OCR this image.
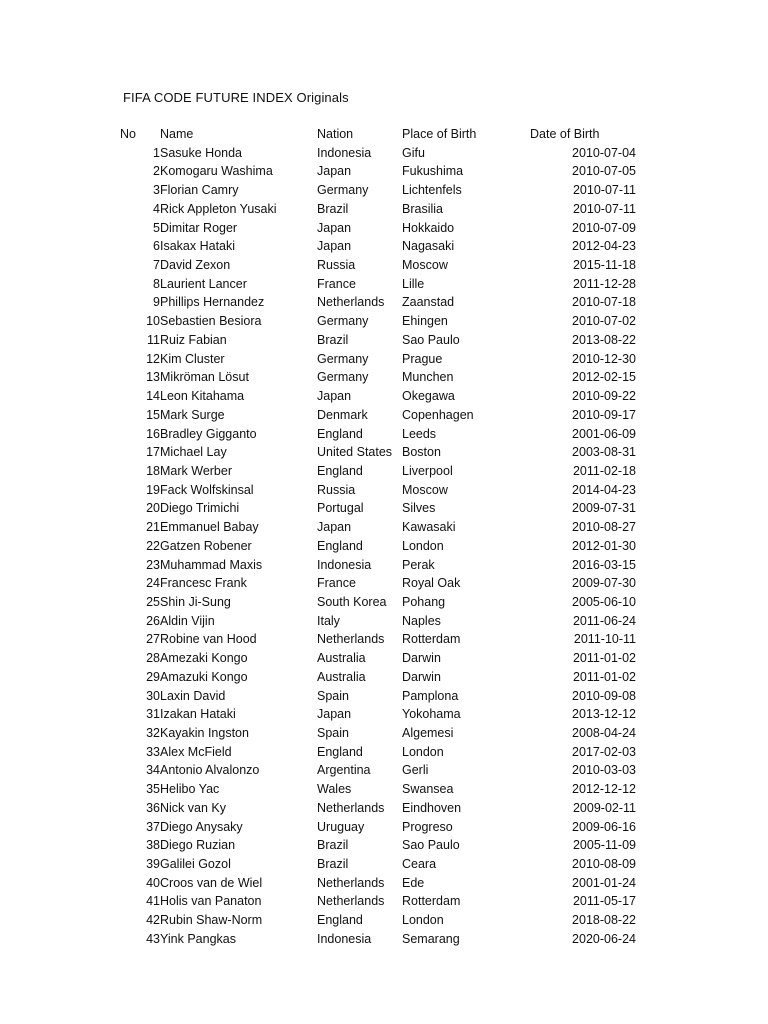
FIFA CODE FUTURE INDEX Originals
No	Name	Nation	Place of Birth	Date of Birth
1	Sasuke Honda	Indonesia	Gifu	2010-07-04
2	Komogaru Washima	Japan	Fukushima	2010-07-05
3	Florian Camry	Germany	Lichtenfels	2010-07-11
4	Rick Appleton Yusaki	Brazil	Brasilia	2010-07-11
5	Dimitar Roger	Japan	Hokkaido	2010-07-09
6	Isakax Hataki	Japan	Nagasaki	2012-04-23
7	David Zexon	Russia	Moscow	2015-11-18
8	Laurient Lancer	France	Lille	2011-12-28
9	Phillips Hernandez	Netherlands	Zaanstad	2010-07-18
10	Sebastien Besiora	Germany	Ehingen	2010-07-02
11	Ruiz Fabian	Brazil	Sao Paulo	2013-08-22
12	Kim Cluster	Germany	Prague	2010-12-30
13	Mikröman Lösut	Germany	Munchen	2012-02-15
14	Leon Kitahama	Japan	Okegawa	2010-09-22
15	Mark Surge	Denmark	Copenhagen	2010-09-17
16	Bradley Gigganto	England	Leeds	2001-06-09
17	Michael Lay	United States	Boston	2003-08-31
18	Mark Werber	England	Liverpool	2011-02-18
19	Fack Wolfskinsal	Russia	Moscow	2014-04-23
20	Diego Trimichi	Portugal	Silves	2009-07-31
21	Emmanuel Babay	Japan	Kawasaki	2010-08-27
22	Gatzen Robener	England	London	2012-01-30
23	Muhammad Maxis	Indonesia	Perak	2016-03-15
24	Francesc Frank	France	Royal Oak	2009-07-30
25	Shin Ji-Sung	South Korea	Pohang	2005-06-10
26	Aldin Vijin	Italy	Naples	2011-06-24
27	Robine van Hood	Netherlands	Rotterdam	2011-10-11
28	Amezaki Kongo	Australia	Darwin	2011-01-02
29	Amazuki Kongo	Australia	Darwin	2011-01-02
30	Laxin David	Spain	Pamplona	2010-09-08
31	Izakan Hataki	Japan	Yokohama	2013-12-12
32	Kayakin Ingston	Spain	Algemesi	2008-04-24
33	Alex McField	England	London	2017-02-03
34	Antonio Alvalonzo	Argentina	Gerli	2010-03-03
35	Helibo Yac	Wales	Swansea	2012-12-12
36	Nick van Ky	Netherlands	Eindhoven	2009-02-11
37	Diego Anysaky	Uruguay	Progreso	2009-06-16
38	Diego Ruzian	Brazil	Sao Paulo	2005-11-09
39	Galilei Gozol	Brazil	Ceara	2010-08-09
40	Croos van de Wiel	Netherlands	Ede	2001-01-24
41	Holis van Panaton	Netherlands	Rotterdam	2011-05-17
42	Rubin Shaw-Norm	England	London	2018-08-22
43	Yink Pangkas	Indonesia	Semarang	2020-06-24
